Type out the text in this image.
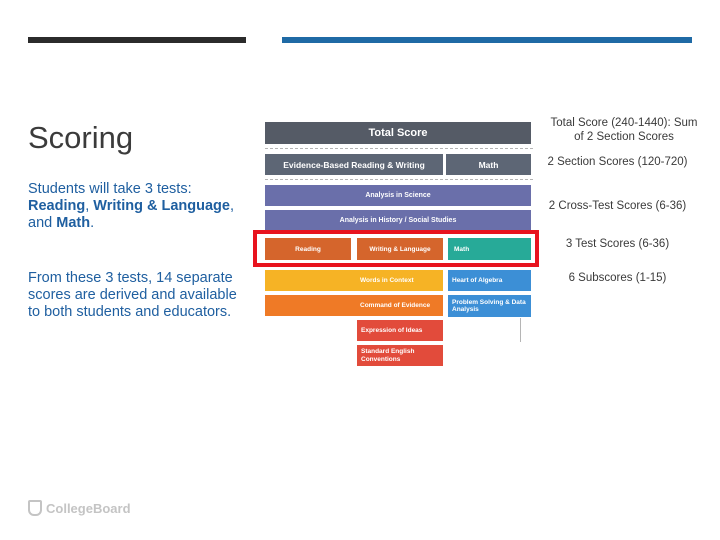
Scoring
Students will take 3 tests: Reading, Writing & Language, and Math.
From these 3 tests, 14 separate scores are derived and available to both students and educators.
CollegeBoard
Total Score
Evidence-Based Reading & Writing	Math
Analysis in Science
Analysis in History / Social Studies
Reading	Writing & Language	Math
Words in Context
Command of Evidence
Expression of Ideas
Standard English Conventions
Heart of Algebra
Problem Solving & Data Analysis
Total Score (240-1440): Sum of 2 Section Scores
2 Section Scores (120-720)
2 Cross-Test Scores (6-36)
3 Test Scores (6-36)
6 Subscores (1-15)
